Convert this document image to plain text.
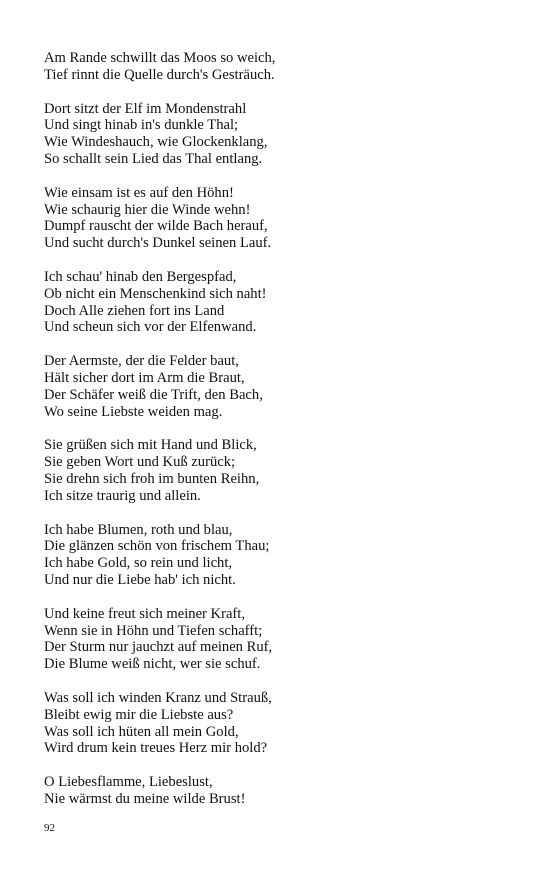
Am Rande schwillt das Moos so weich,
Tief rinnt die Quelle durch's Gesträuch.
Dort sitzt der Elf im Mondenstrahl
Und singt hinab in's dunkle Thal;
Wie Windeshauch, wie Glockenklang,
So schallt sein Lied das Thal entlang.
Wie einsam ist es auf den Höhn!
Wie schaurig hier die Winde wehn!
Dumpf rauscht der wilde Bach herauf,
Und sucht durch's Dunkel seinen Lauf.
Ich schau' hinab den Bergespfad,
Ob nicht ein Menschenkind sich naht!
Doch Alle ziehen fort ins Land
Und scheun sich vor der Elfenwand.
Der Aermste, der die Felder baut,
Hält sicher dort im Arm die Braut,
Der Schäfer weiß die Trift, den Bach,
Wo seine Liebste weiden mag.
Sie grüßen sich mit Hand und Blick,
Sie geben Wort und Kuß zurück;
Sie drehn sich froh im bunten Reihn,
Ich sitze traurig und allein.
Ich habe Blumen, roth und blau,
Die glänzen schön von frischem Thau;
Ich habe Gold, so rein und licht,
Und nur die Liebe hab' ich nicht.
Und keine freut sich meiner Kraft,
Wenn sie in Höhn und Tiefen schafft;
Der Sturm nur jauchzt auf meinen Ruf,
Die Blume weiß nicht, wer sie schuf.
Was soll ich winden Kranz und Strauß,
Bleibt ewig mir die Liebste aus?
Was soll ich hüten all mein Gold,
Wird drum kein treues Herz mir hold?
O Liebesflamme, Liebeslust,
Nie wärmst du meine wilde Brust!
92
